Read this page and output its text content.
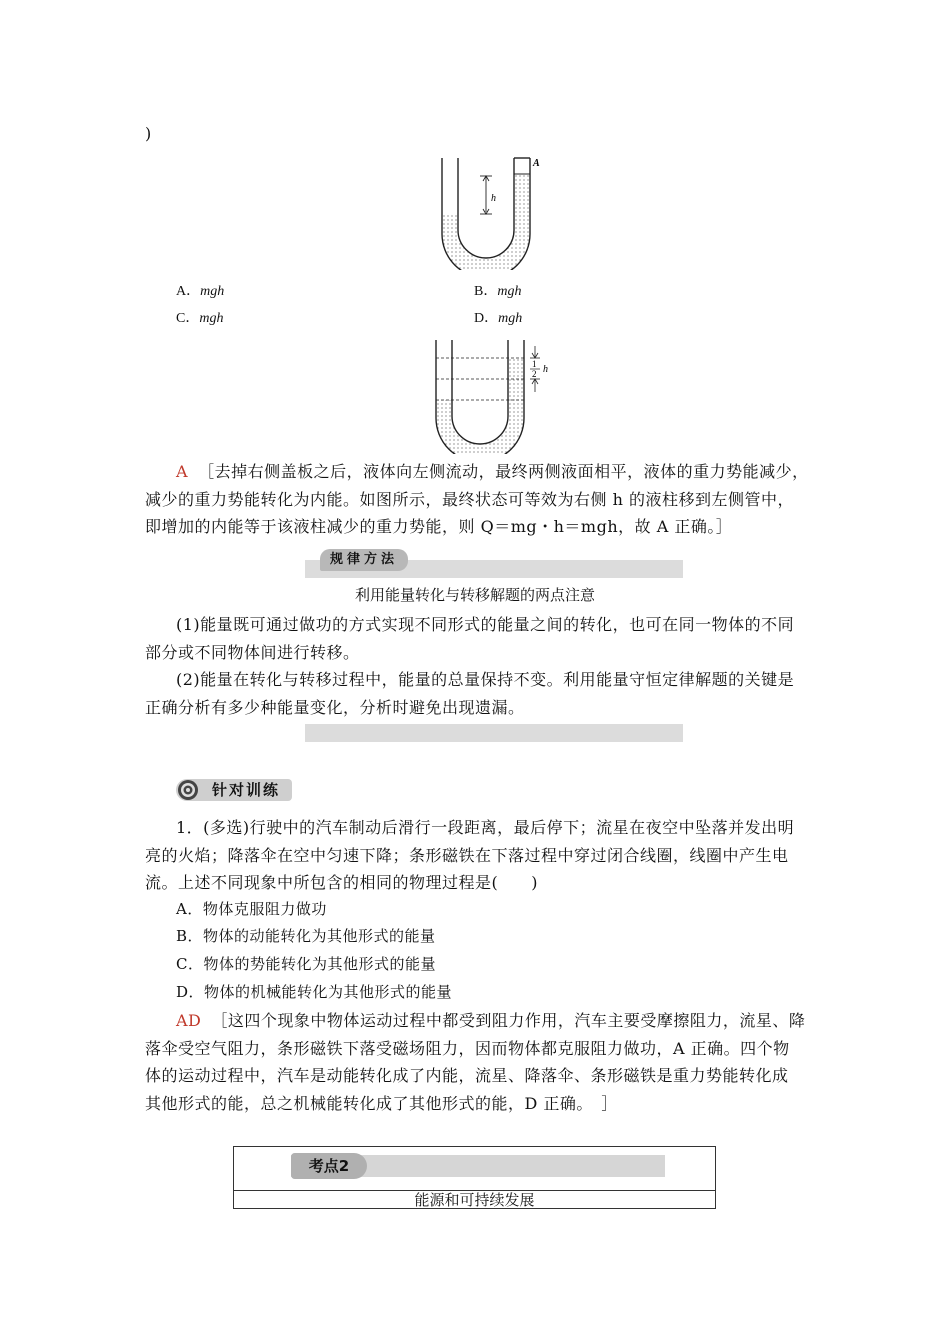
)
h
A
A．mgh	B．mgh
C．mgh	D．mgh
1
2 h
A ［去掉右侧盖板之后，液体向左侧流动，最终两侧液面相平，液体的重力势能减少，
减少的重力势能转化为内能。如图所示，最终状态可等效为右侧 h 的液柱移到左侧管中，
即增加的内能等于该液柱减少的重力势能，则 Q＝mg・h＝mgh，故 A 正确。］
规律方法
利用能量转化与转移解题的两点注意
(1)能量既可通过做功的方式实现不同形式的能量之间的转化，也可在同一物体的不同
部分或不同物体间进行转移。
(2)能量在转化与转移过程中，能量的总量保持不变。利用能量守恒定律解题的关键是
正确分析有多少种能量变化，分析时避免出现遗漏。
针对训练
1．(多选)行驶中的汽车制动后滑行一段距离，最后停下；流星在夜空中坠落并发出明
亮的火焰；降落伞在空中匀速下降；条形磁铁在下落过程中穿过闭合线圈，线圈中产生电
流。上述不同现象中所包含的相同的物理过程是(　　)
A．物体克服阻力做功
B．物体的动能转化为其他形式的能量
C．物体的势能转化为其他形式的能量
D．物体的机械能转化为其他形式的能量
AD ［这四个现象中物体运动过程中都受到阻力作用，汽车主要受摩擦阻力，流星、降
落伞受空气阻力，条形磁铁下落受磁场阻力，因而物体都克服阻力做功，A 正确。四个物
体的运动过程中，汽车是动能转化成了内能，流星、降落伞、条形磁铁是重力势能转化成
其他形式的能，总之机械能转化成了其他形式的能，D 正确。　］
考点2
能源和可持续发展
